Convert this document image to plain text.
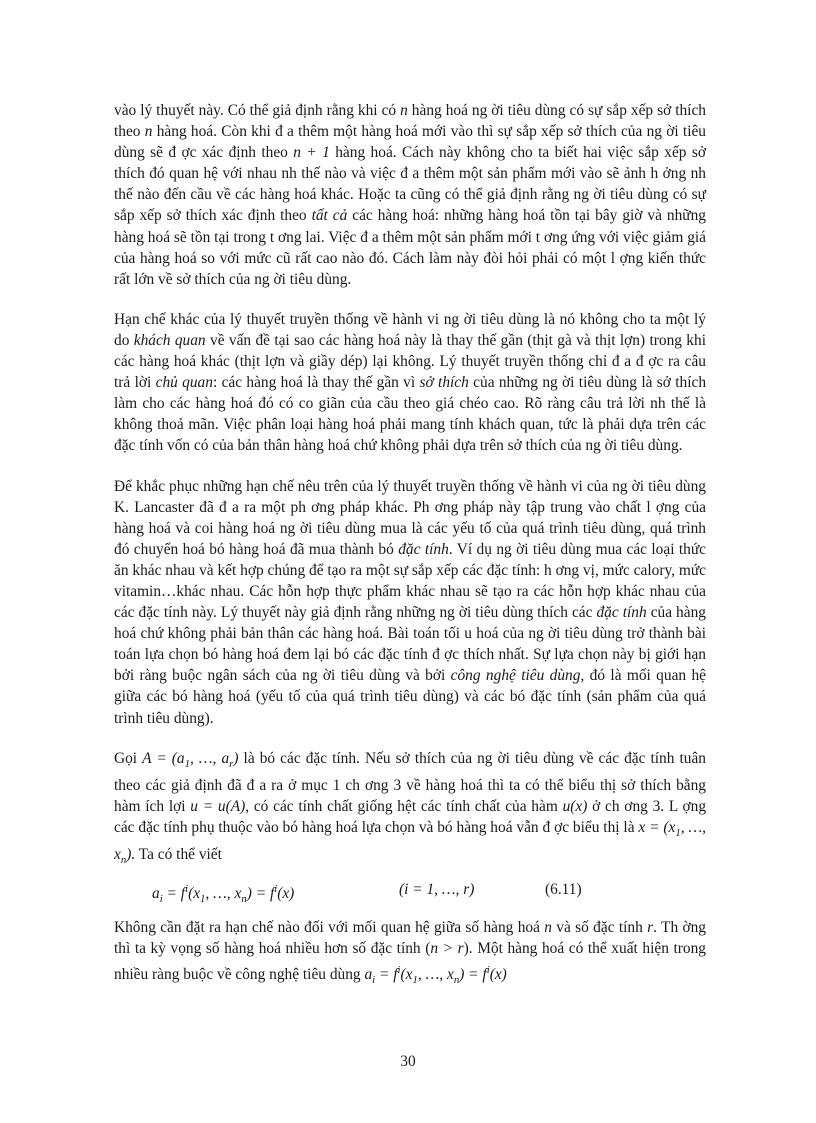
vào lý thuyết này. Có thể giả định rằng khi có n hàng hoá ng ời tiêu dùng có sự sắp xếp sở thích theo n hàng hoá. Còn khi đ a thêm một hàng hoá mới vào thì sự sắp xếp sở thích của ng ời tiêu dùng sẽ đ ợc xác định theo n + 1 hàng hoá. Cách này không cho ta biết hai việc sắp xếp sở thích đó quan hệ với nhau nh thế nào và việc đ a thêm một sản phẩm mới vào sẽ ảnh h ởng nh thế nào đến cầu về các hàng hoá khác. Hoặc ta cũng có thể giả định rằng ng ời tiêu dùng có sự sắp xếp sở thích xác định theo tất cả các hàng hoá: những hàng hoá tồn tại bây giờ và những hàng hoá sẽ tồn tại trong t ơng lai. Việc đ a thêm một sản phẩm mới t ơng ứng với việc giảm giá của hàng hoá so với mức cũ rất cao nào đó. Cách làm này đòi hỏi phải có một l ợng kiến thức rất lớn về sở thích của ng ời tiêu dùng.

Hạn chế khác của lý thuyết truyền thống về hành vi ng ời tiêu dùng là nó không cho ta một lý do khách quan về vấn đề tại sao các hàng hoá này là thay thế gần (thịt gà và thịt lợn) trong khi các hàng hoá khác (thịt lợn và giầy dép) lại không. Lý thuyết truyền thống chỉ đ a đ ợc ra câu trả lời chủ quan: các hàng hoá là thay thế gần vì sở thích của những ng ời tiêu dùng là sở thích làm cho các hàng hoá đó có co giãn của cầu theo giá chéo cao. Rõ ràng câu trả lời nh thế là không thoả mãn. Việc phân loại hàng hoá phải mang tính khách quan, tức là phải dựa trên các đặc tính vốn có của bản thân hàng hoá chứ không phải dựa trên sở thích của ng ời tiêu dùng.

Để khắc phục những hạn chế nêu trên của lý thuyết truyền thống về hành vi của ng ời tiêu dùng K. Lancaster đã đ a ra một ph ơng pháp khác. Ph ơng pháp này tập trung vào chất l ợng của hàng hoá và coi hàng hoá ng ời tiêu dùng mua là các yếu tố của quá trình tiêu dùng, quá trình đó chuyển hoá bó hàng hoá đã mua thành bó đặc tính. Ví dụ ng ời tiêu dùng mua các loại thức ăn khác nhau và kết hợp chúng để tạo ra một sự sắp xếp các đặc tính: h ơng vị, mức calory, mức vitamin…khác nhau. Các hỗn hợp thực phẩm khác nhau sẽ tạo ra các hỗn hợp khác nhau của các đặc tính này. Lý thuyết này giả định rằng những ng ời tiêu dùng thích các đặc tính của hàng hoá chứ không phải bản thân các hàng hoá. Bài toán tối u hoá của ng ời tiêu dùng trở thành bài toán lựa chọn bó hàng hoá đem lại bó các đặc tính đ ợc thích nhất. Sự lựa chọn này bị giới hạn bởi ràng buộc ngân sách của ng ời tiêu dùng và bởi công nghệ tiêu dùng, đó là mối quan hệ giữa các bó hàng hoá (yếu tố của quá trình tiêu dùng) và các bó đặc tính (sản phẩm của quá trình tiêu dùng).

Gọi $A = (a_1$, …, $a_r$) là bó các đặc tính. Nếu sở thích của ng ời tiêu dùng về các đặc tính tuân theo các giả định đã đ a ra ở mục 1 ch ơng 3 về hàng hoá thì ta có thể biểu thị sở thích bằng hàm ích lợi u = u(A), có các tính chất giống hệt các tính chất của hàm u(x) ở ch ơng 3. L ợng các đặc tính phụ thuộc vào bó hàng hoá lựa chọn và bó hàng hoá vẫn đ ợc biểu thị là $x = (x_1$, …, $x_n$). Ta có thể viết

$a_i = f^i(x_1$, …, $x_n) = f^i(x)$	(i = 1, …, r)	(6.11)

Không cần đặt ra hạn chế nào đối với mối quan hệ giữa số hàng hoá n và số đặc tính r. Th ờng thì ta kỳ vọng số hàng hoá nhiều hơn số đặc tính (n > r). Một hàng hoá có thể xuất hiện trong nhiều ràng buộc về công nghệ tiêu dùng $a_i = f^i(x_1$, …, $x_n) = f^i(x)$

30
